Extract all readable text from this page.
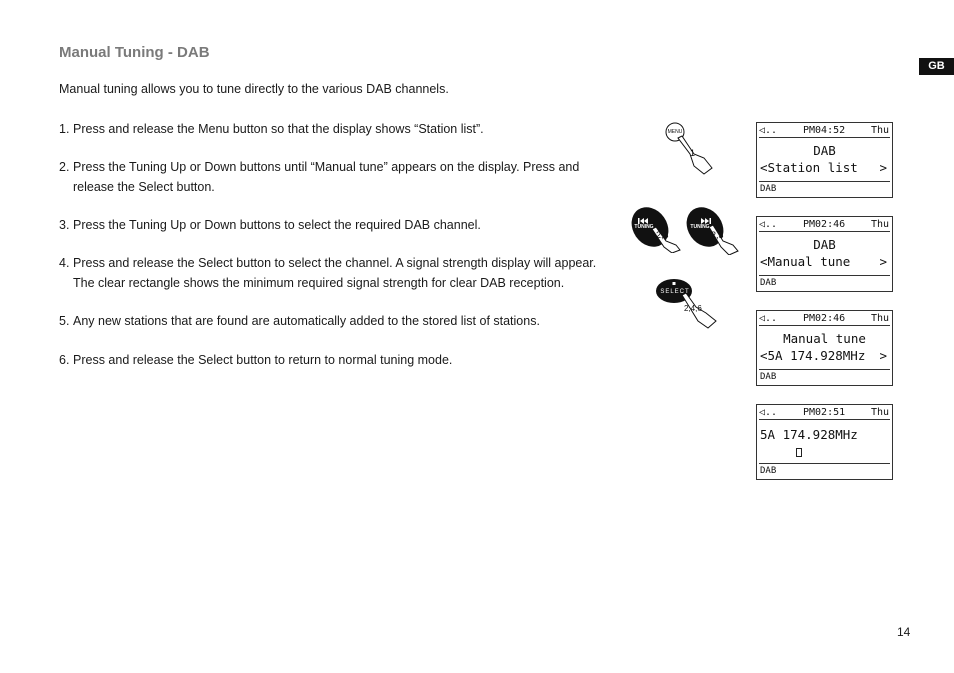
Manual Tuning - DAB
GB

Manual tuning allows you to tune directly to the various DAB channels.

1. Press and release the Menu button so that the display shows “Station list”.
2. Press the Tuning Up or Down buttons until “Manual tune” appears on the display. Press and release the Select button.
3. Press the Tuning Up or Down buttons to select the required DAB channel.
4. Press and release the Select button to select the channel. A signal strength display will appear. The clear rectangle shows the minimum required signal strength for clear DAB reception.
5. Any new stations that are found are automatically added to the stored list of stations.
6. Press and release the Select button to return to normal tuning mode.
MENU
1
TUNING
2,3
TUNING
2,3
SELECT
2,4,6
◁..	PM04:52	Thu
DAB
<Station list >
DAB
◁..	PM02:46	Thu
DAB
<Manual tune >
DAB
◁..	PM02:46	Thu
Manual tune
<5A 174.928MHz >
DAB
◁..	PM02:51	Thu
5A 174.928MHz
DAB

14
